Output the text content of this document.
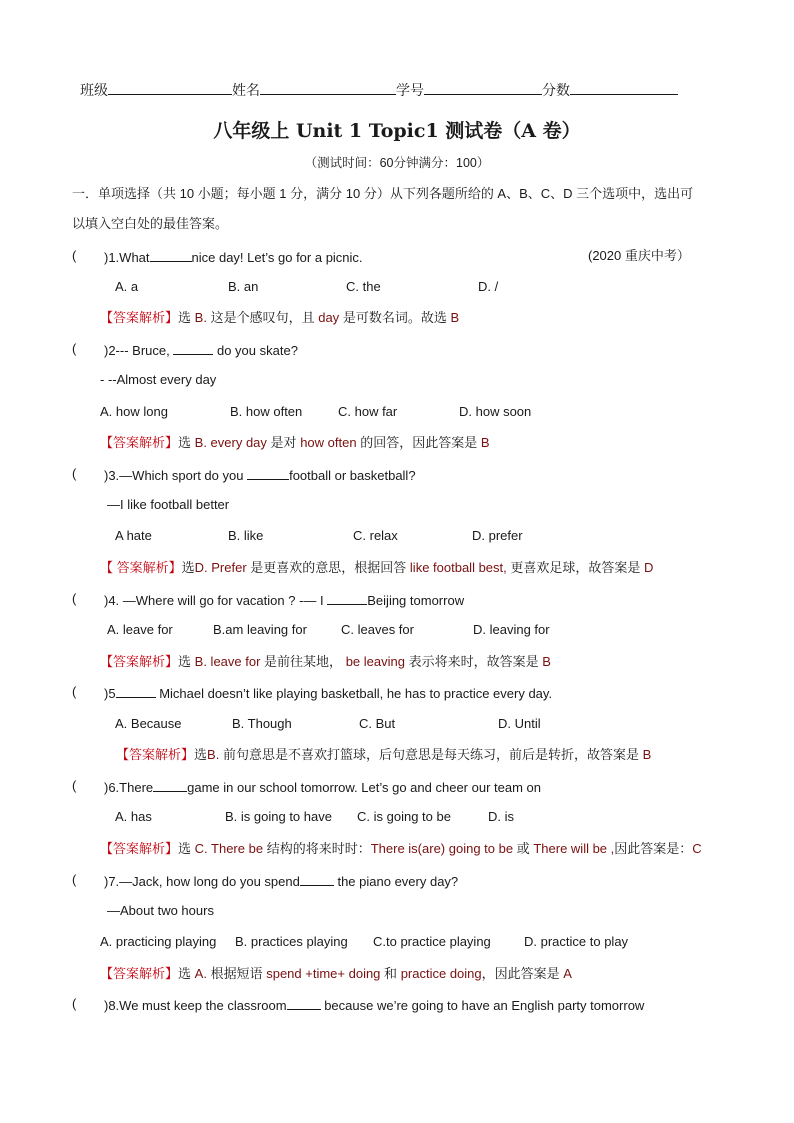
班级	姓名	学号	分数
八年级上 Unit 1 Topic1 测试卷（A 卷）
（测试时间：60分钟满分：100）
一．单项选择（共 10 小题；每小题 1 分，满分 10 分）从下列各题所给的 A、B、C、D 三个选项中，选出可
以填入空白处的最佳答案。
( )1.What	nice day! Let’s go for a picnic.	(2020 重庆中考）
A. a	B. an	C. the	D. /
【答案解析】选 B. 这是个感叹句，且 day 是可数名词。故选 B
( )2--- Bruce,	do you skate?
- --Almost every day
A. how long	B. how often	C. how far	D. how soon
【答案解析】选 B. every day 是对 how often 的回答，因此答案是 B
( )3.—Which sport do you	football or basketball?
—I like football better
A hate	B. like	C. relax	D. prefer
【 答案解析】选D. Prefer 是更喜欢的意思，根据回答 like football best, 更喜欢足球，故答案是 D
( )4. —Where will go for vacation ? -— I	Beijing tomorrow
A. leave for	B.am leaving for	C. leaves for	D. leaving for
【答案解析】选 B. leave for 是前往某地， be leaving 表示将来时，故答案是 B
( )5	Michael doesn’t like playing basketball, he has to practice every day.
A. Because	B. Though	C. But	D. Until
【答案解析】选B. 前句意思是不喜欢打篮球，后句意思是每天练习，前后是转折，故答案是 B
( )6.There	game in our school tomorrow. Let’s go and cheer our team on
A. has	B. is going to have C. is going to be	D. is
【答案解析】选 C. There be 结构的将来时时：There is(are) going to be 或 There will be ,因此答案是：C
( )7.—Jack, how long do you spend	the piano every day?
—About two hours
A. practicing playing B. practices playing C.to practice playing	D. practice to play
【答案解析】选 A. 根据短语 spend +time+ doing 和 practice doing，因此答案是 A
( )8.We must keep the classroom	because we’re going to have an English party tomorrow
